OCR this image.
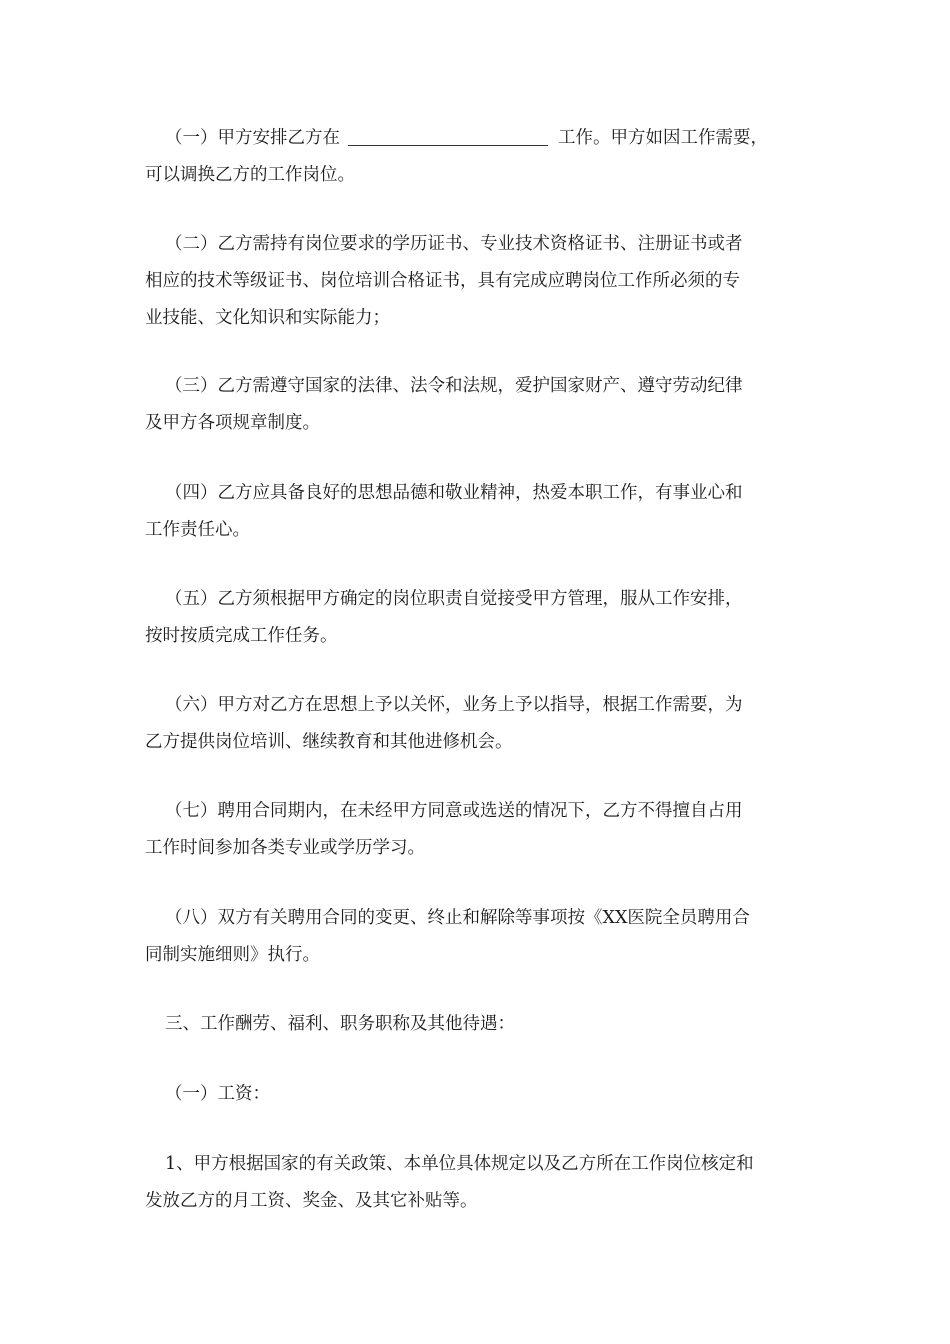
（一）甲方安排乙方在	工作。甲方如因工作需要，
可以调换乙方的工作岗位。

（二）乙方需持有岗位要求的学历证书、专业技术资格证书、注册证书或者
相应的技术等级证书、岗位培训合格证书，具有完成应聘岗位工作所必须的专
业技能、文化知识和实际能力；

（三）乙方需遵守国家的法律、法令和法规，爱护国家财产、遵守劳动纪律
及甲方各项规章制度。

（四）乙方应具备良好的思想品德和敬业精神，热爱本职工作，有事业心和
工作责任心。

（五）乙方须根据甲方确定的岗位职责自觉接受甲方管理，服从工作安排，
按时按质完成工作任务。

（六）甲方对乙方在思想上予以关怀，业务上予以指导，根据工作需要，为
乙方提供岗位培训、继续教育和其他进修机会。

（七）聘用合同期内，在未经甲方同意或选送的情况下，乙方不得擅自占用
工作时间参加各类专业或学历学习。

（八）双方有关聘用合同的变更、终止和解除等事项按《XX医院全员聘用合
同制实施细则》执行。

三、工作酬劳、福利、职务职称及其他待遇：

（一）工资：

1、甲方根据国家的有关政策、本单位具体规定以及乙方所在工作岗位核定和
发放乙方的月工资、奖金、及其它补贴等。
